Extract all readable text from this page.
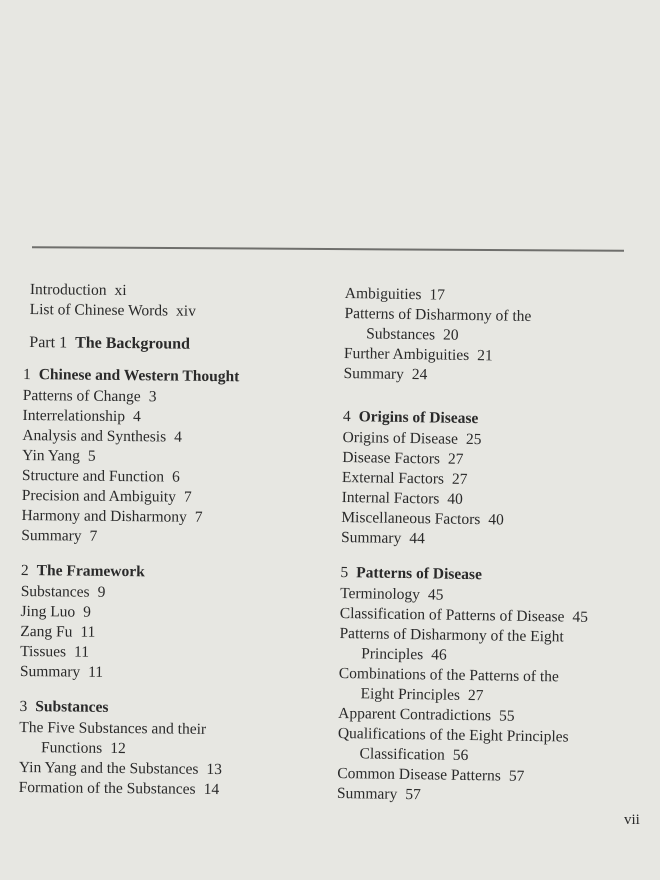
Introduction xi
List of Chinese Words xiv
Part 1 The Background
1 Chinese and Western Thought
Patterns of Change 3
Interrelationship 4
Analysis and Synthesis 4
Yin Yang 5
Structure and Function 6
Precision and Ambiguity 7
Harmony and Disharmony 7
Summary 7
2 The Framework
Substances 9
Jing Luo 9
Zang Fu 11
Tissues 11
Summary 11
3 Substances
The Five Substances and their
Functions 12
Yin Yang and the Substances 13
Formation of the Substances 14
Ambiguities 17
Patterns of Disharmony of the
Substances 20
Further Ambiguities 21
Summary 24
4 Origins of Disease
Origins of Disease 25
Disease Factors 27
External Factors 27
Internal Factors 40
Miscellaneous Factors 40
Summary 44
5 Patterns of Disease
Terminology 45
Classification of Patterns of Disease 45
Patterns of Disharmony of the Eight
Principles 46
Combinations of the Patterns of the
Eight Principles 27
Apparent Contradictions 55
Qualifications of the Eight Principles
Classification 56
Common Disease Patterns 57
Summary 57
vii
